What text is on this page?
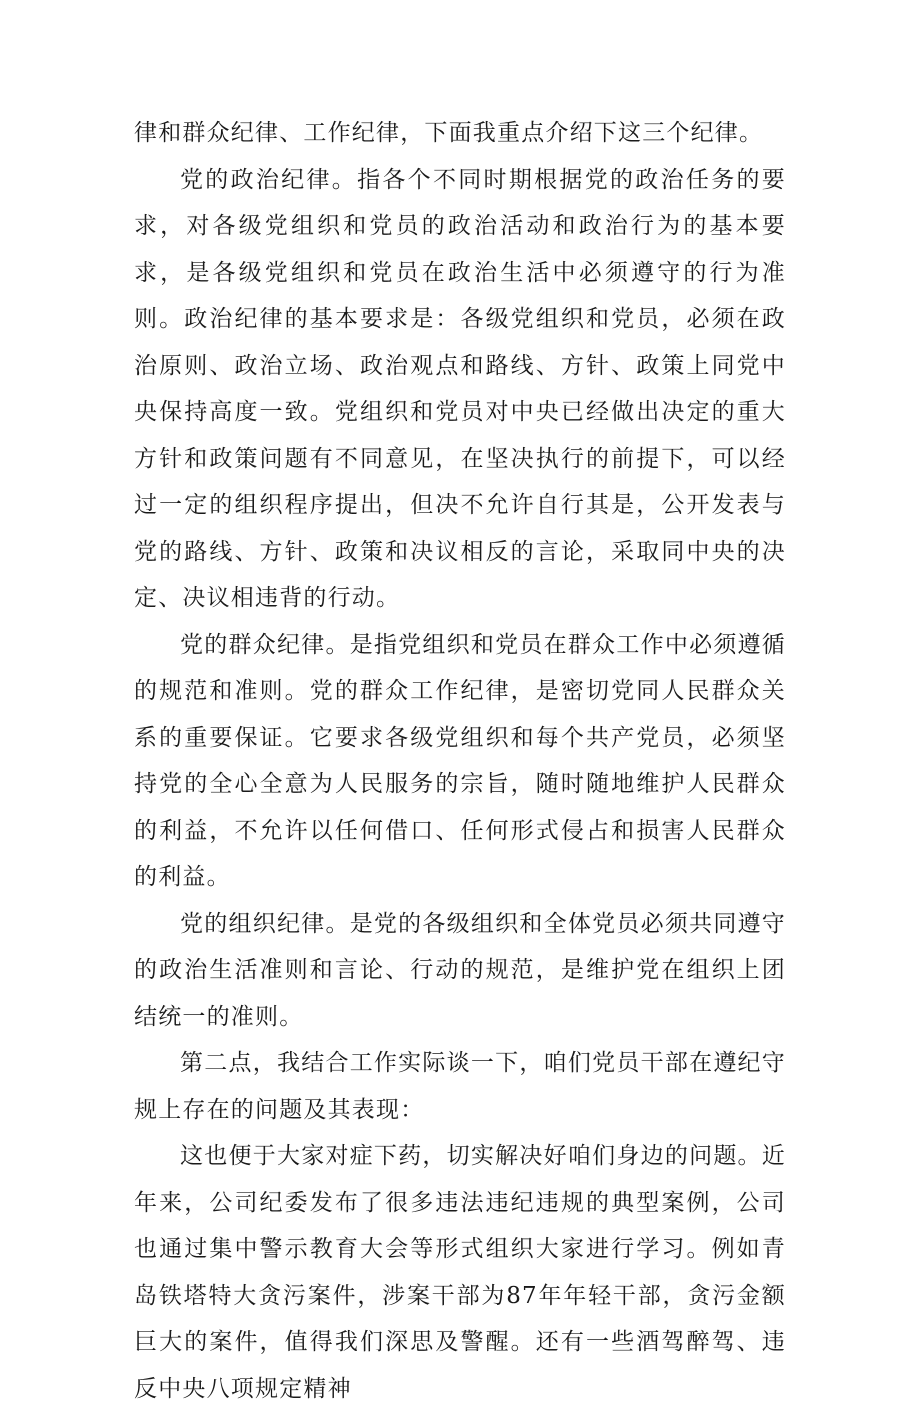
律和群众纪律、工作纪律，下面我重点介绍下这三个纪律。

党的政治纪律。指各个不同时期根据党的政治任务的要求，对各级党组织和党员的政治活动和政治行为的基本要求，是各级党组织和党员在政治生活中必须遵守的行为准则。政治纪律的基本要求是：各级党组织和党员，必须在政治原则、政治立场、政治观点和路线、方针、政策上同党中央保持高度一致。党组织和党员对中央已经做出决定的重大方针和政策问题有不同意见，在坚决执行的前提下，可以经过一定的组织程序提出，但决不允许自行其是，公开发表与党的路线、方针、政策和决议相反的言论，采取同中央的决定、决议相违背的行动。

党的群众纪律。是指党组织和党员在群众工作中必须遵循的规范和准则。党的群众工作纪律，是密切党同人民群众关系的重要保证。它要求各级党组织和每个共产党员，必须坚持党的全心全意为人民服务的宗旨，随时随地维护人民群众的利益，不允许以任何借口、任何形式侵占和损害人民群众的利益。

党的组织纪律。是党的各级组织和全体党员必须共同遵守的政治生活准则和言论、行动的规范，是维护党在组织上团结统一的准则。

第二点，我结合工作实际谈一下，咱们党员干部在遵纪守规上存在的问题及其表现：

这也便于大家对症下药，切实解决好咱们身边的问题。近年来，公司纪委发布了很多违法违纪违规的典型案例，公司也通过集中警示教育大会等形式组织大家进行学习。例如青岛铁塔特大贪污案件，涉案干部为87年年轻干部，贪污金额巨大的案件，值得我们深思及警醒。还有一些酒驾醉驾、违反中央八项规定精神
